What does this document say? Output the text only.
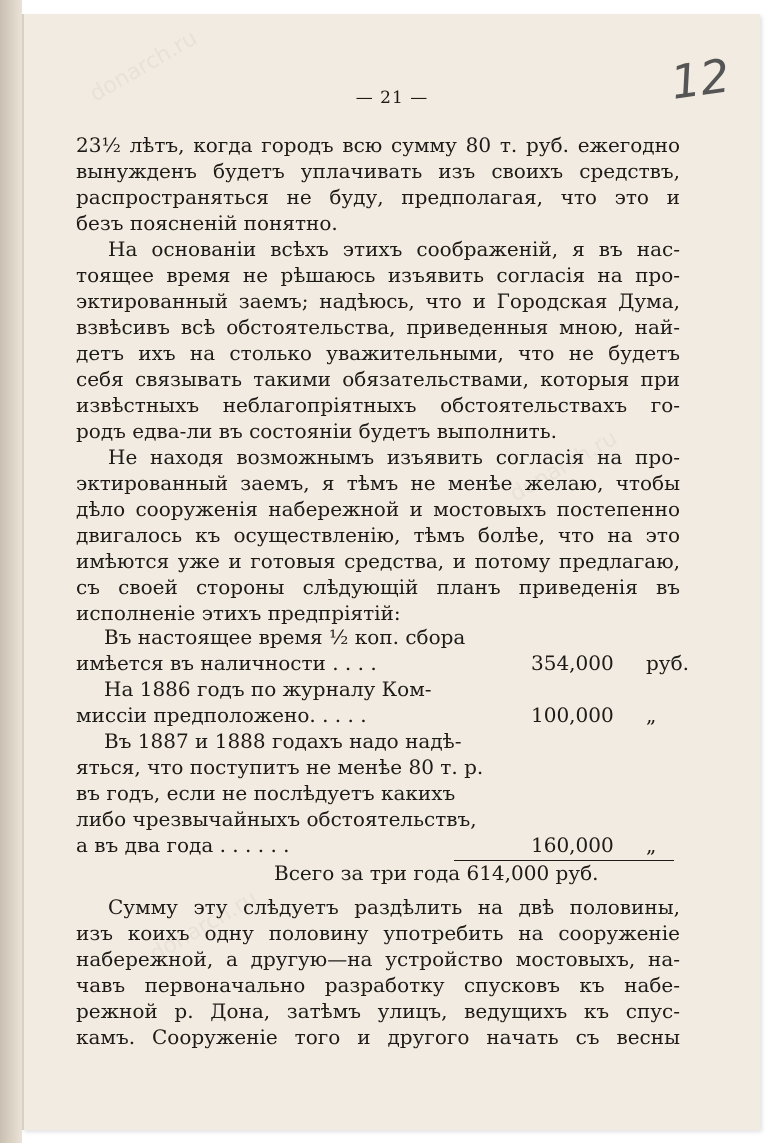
donarch.ru
donarch.ru
donarch.ru
12
— 21 —
23½ лѣтъ, когда городъ всю сумму 80 т. руб. ежегодно
вынужденъ будетъ уплачивать изъ своихъ средствъ,
распространяться не буду, предполагая, что это и
безъ поясненій понятно.
На основаніи всѣхъ этихъ соображеній, я въ нас-
тоящее время не рѣшаюсь изъявить согласія на про-
эктированный заемъ; надѣюсь, что и Городская Дума,
взвѣсивъ всѣ обстоятельства, приведенныя мною, най-
детъ ихъ на столько уважительными, что не будетъ
себя связывать такими обязательствами, которыя при
извѣстныхъ неблагопріятныхъ обстоятельствахъ го-
родъ едва-ли въ состояніи будетъ выполнить.
Не находя возможнымъ изъявить согласія на про-
эктированный заемъ, я тѣмъ не менѣе желаю, чтобы
дѣло сооруженія набережной и мостовыхъ постепенно
двигалось къ осуществленію, тѣмъ болѣе, что на это
имѣются уже и готовыя средства, и потому предлагаю,
съ своей стороны слѣдующій планъ приведенія въ
исполненіе этихъ предпріятій:
Въ настоящее время ½ коп. сбора
имѣется въ наличности . . . .	354,000 руб.
На 1886 годъ по журналу Ком-
миссіи предположено. . . . .	100,000 „
Въ 1887 и 1888 годахъ надо надѣ-
яться, что поступитъ не менѣе 80 т. р.
въ годъ, если не послѣдуетъ какихъ
либо чрезвычайныхъ обстоятельствъ,
а въ два года . . . . . .	160,000 „
Всего за три года 614,000 руб.
Сумму эту слѣдуетъ раздѣлить на двѣ половины,
изъ коихъ одну половину употребить на сооруженіе
набережной, а другую—на устройство мостовыхъ, на-
чавъ первоначально разработку спусковъ къ набе-
режной р. Дона, затѣмъ улицъ, ведущихъ къ спус-
камъ. Сооруженіе того и другого начать съ весны
